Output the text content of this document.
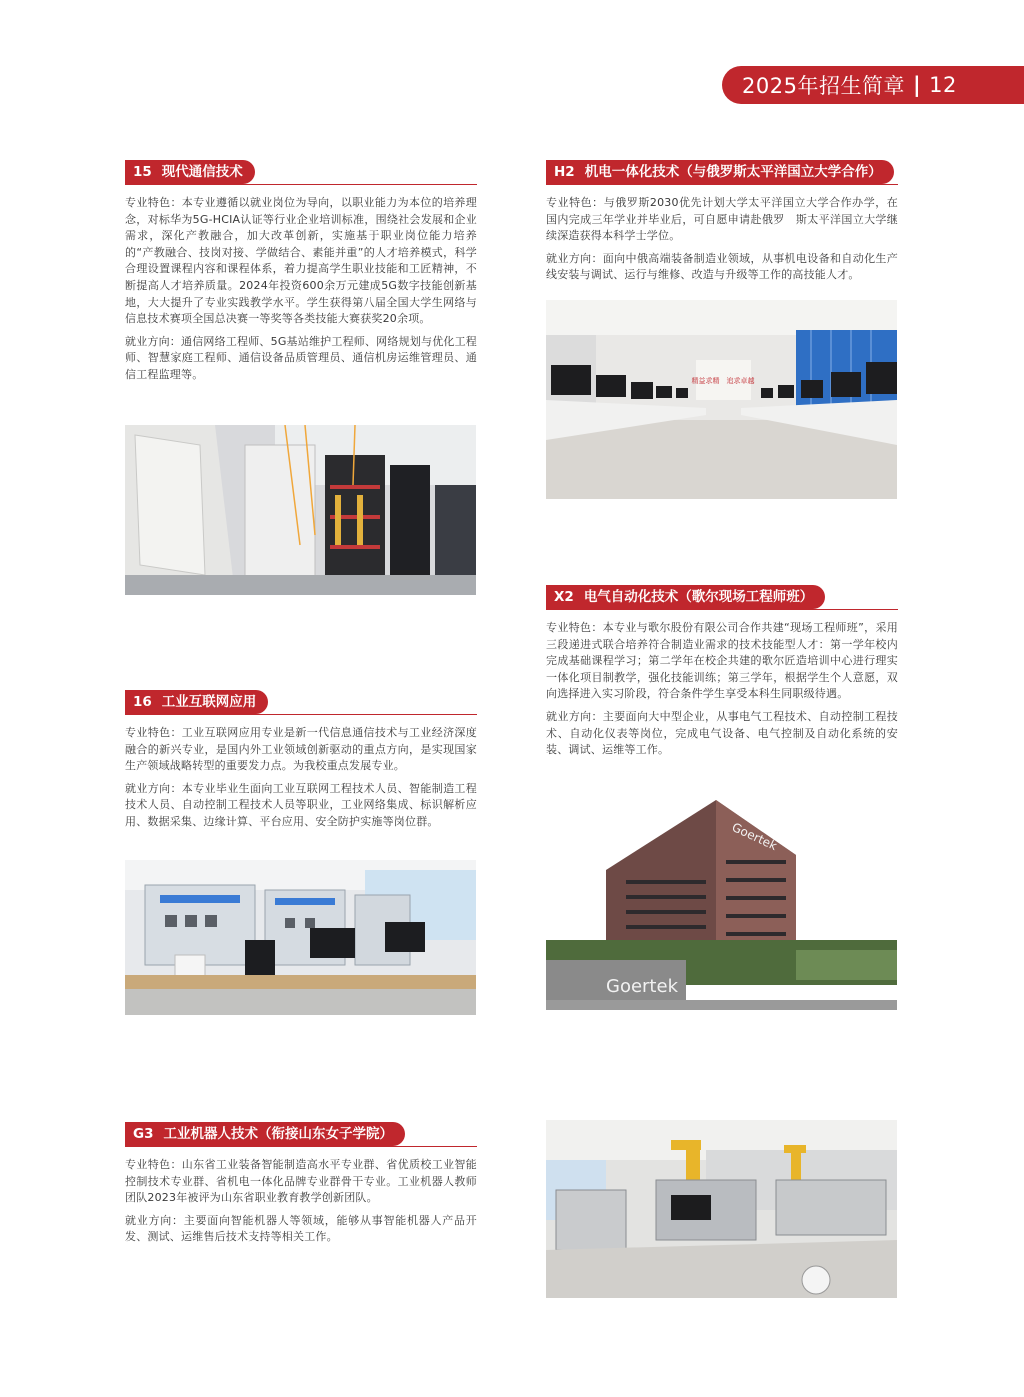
2025年招生简章 | 12
15 现代通信技术

专业特色：本专业遵循以就业岗位为导向，以职业能力为本位的培养理念，对标华为5G-HCIA认证等行业企业培训标准，围绕社会发展和企业需求，深化产教融合，加大改革创新，实施基于职业岗位能力培养的“产教融合、技岗对接、学做结合、素能并重”的人才培养模式，科学合理设置课程内容和课程体系，着力提高学生职业技能和工匠精神，不断提高人才培养质量。2024年投资600余万元建成5G数字技能创新基地，大大提升了专业实践教学水平。学生获得第八届全国大学生网络与信息技术赛项全国总决赛一等奖等各类技能大赛获奖20余项。

就业方向：通信网络工程师、5G基站维护工程师、网络规划与优化工程师、智慧家庭工程师、通信设备品质管理员、通信机房运维管理员、通信工程监理等。

H2 机电一体化技术（与俄罗斯太平洋国立大学合作）

专业特色：与俄罗斯2030优先计划大学太平洋国立大学合作办学，在国内完成三年学业并毕业后，可自愿申请赴俄罗　斯太平洋国立大学继续深造获得本科学士学位。

就业方向：面向中俄高端装备制造业领域，从事机电设备和自动化生产线安装与调试、运行与维修、改造与升级等工作的高技能人才。

精益求精　追求卓越
X2 电气自动化技术（歌尔现场工程师班）

专业特色：本专业与歌尔股份有限公司合作共建“现场工程师班”，采用三段递进式联合培养符合制造业需求的技术技能型人才：第一学年校内完成基础课程学习；第二学年在校企共建的歌尔匠造培训中心进行理实一体化项目制教学，强化技能训练；第三学年，根据学生个人意愿，双向选择进入实习阶段，符合条件学生享受本科生同职级待遇。

就业方向：主要面向大中型企业，从事电气工程技术、自动控制工程技术、自动化仪表等岗位，完成电气设备、电气控制及自动化系统的安装、调试、运维等工作。

Goertek
Goertek
16 工业互联网应用

专业特色：工业互联网应用专业是新一代信息通信技术与工业经济深度融合的新兴专业，是国内外工业领域创新驱动的重点方向，是实现国家生产领域战略转型的重要发力点。为我校重点发展专业。

就业方向：本专业毕业生面向工业互联网工程技术人员、智能制造工程技术人员、自动控制工程技术人员等职业，工业网络集成、标识解析应用、数据采集、边缘计算、平台应用、安全防护实施等岗位群。

G3 工业机器人技术（衔接山东女子学院）

专业特色：山东省工业装备智能制造高水平专业群、省优质校工业智能控制技术专业群、省机电一体化品牌专业群骨干专业。工业机器人教师团队2023年被评为山东省职业教育教学创新团队。

就业方向：主要面向智能机器人等领域，能够从事智能机器人产品开发、测试、运维售后技术支持等相关工作。
